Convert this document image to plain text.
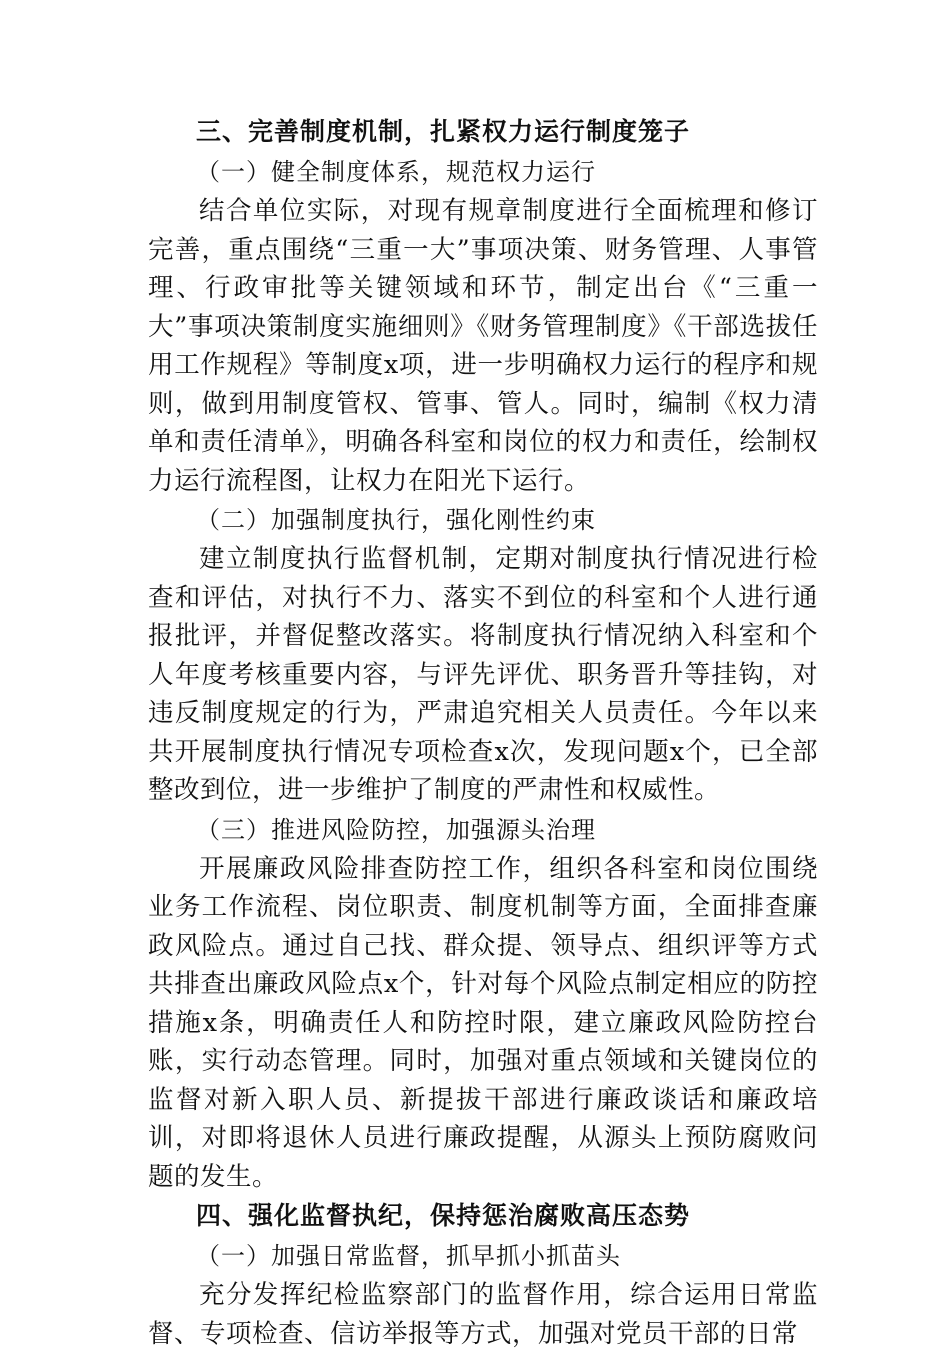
三、完善制度机制，扎紧权力运行制度笼子

（一）健全制度体系，规范权力运行

结合单位实际，对现有规章制度进行全面梳理和修订完善，重点围绕“三重一大”事项决策、财务管理、人事管理、行政审批等关键领域和环节，制定出台《“三重一大”事项决策制度实施细则》《财务管理制度》《干部选拔任用工作规程》等制度x项，进一步明确权力运行的程序和规则，做到用制度管权、管事、管人。同时，编制《权力清单和责任清单》，明确各科室和岗位的权力和责任，绘制权力运行流程图，让权力在阳光下运行。

（二）加强制度执行，强化刚性约束

建立制度执行监督机制，定期对制度执行情况进行检查和评估，对执行不力、落实不到位的科室和个人进行通报批评，并督促整改落实。将制度执行情况纳入科室和个人年度考核重要内容，与评先评优、职务晋升等挂钩，对违反制度规定的行为，严肃追究相关人员责任。今年以来共开展制度执行情况专项检查x次，发现问题x个，已全部整改到位，进一步维护了制度的严肃性和权威性。

（三）推进风险防控，加强源头治理

开展廉政风险排查防控工作，组织各科室和岗位围绕业务工作流程、岗位职责、制度机制等方面，全面排查廉政风险点。通过自己找、群众提、领导点、组织评等方式共排查出廉政风险点x个，针对每个风险点制定相应的防控措施x条，明确责任人和防控时限，建立廉政风险防控台账，实行动态管理。同时，加强对重点领域和关键岗位的监督对新入职人员、新提拔干部进行廉政谈话和廉政培训，对即将退休人员进行廉政提醒，从源头上预防腐败问题的发生。

四、强化监督执纪，保持惩治腐败高压态势

（一）加强日常监督，抓早抓小抓苗头

充分发挥纪检监察部门的监督作用，综合运用日常监督、专项检查、信访举报等方式，加强对党员干部的日常
